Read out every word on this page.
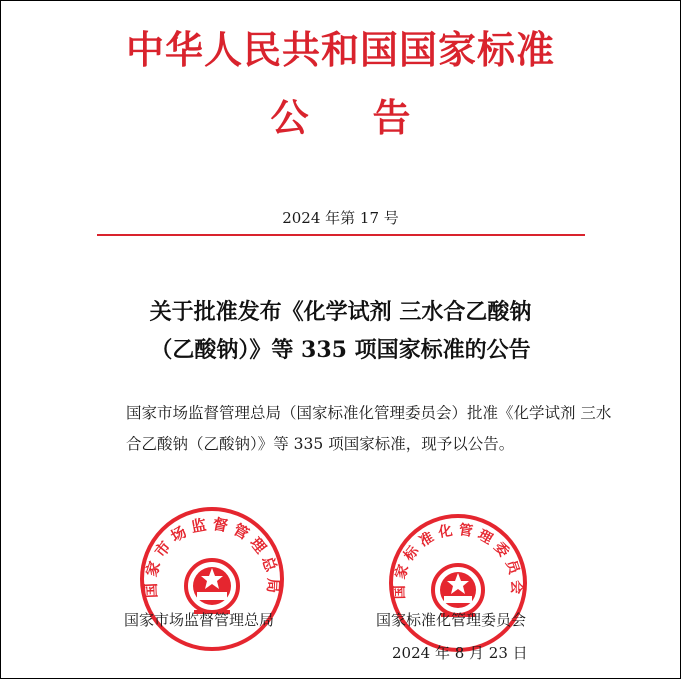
中华人民共和国国家标准
公告
2024 年第 17 号
关于批准发布《化学试剂 三水合乙酸钠
（乙酸钠）》等 335 项国家标准的公告
国家市场监督管理总局（国家标准化管理委员会）批准《化学试剂 三水合乙酸钠（乙酸钠）》等 335 项国家标准，现予以公告。
国家市场监督管理总局	国家标准化管理委员会
国家市场监督管理总局	国家标准化管理委员会
2024 年 8 月 23 日
